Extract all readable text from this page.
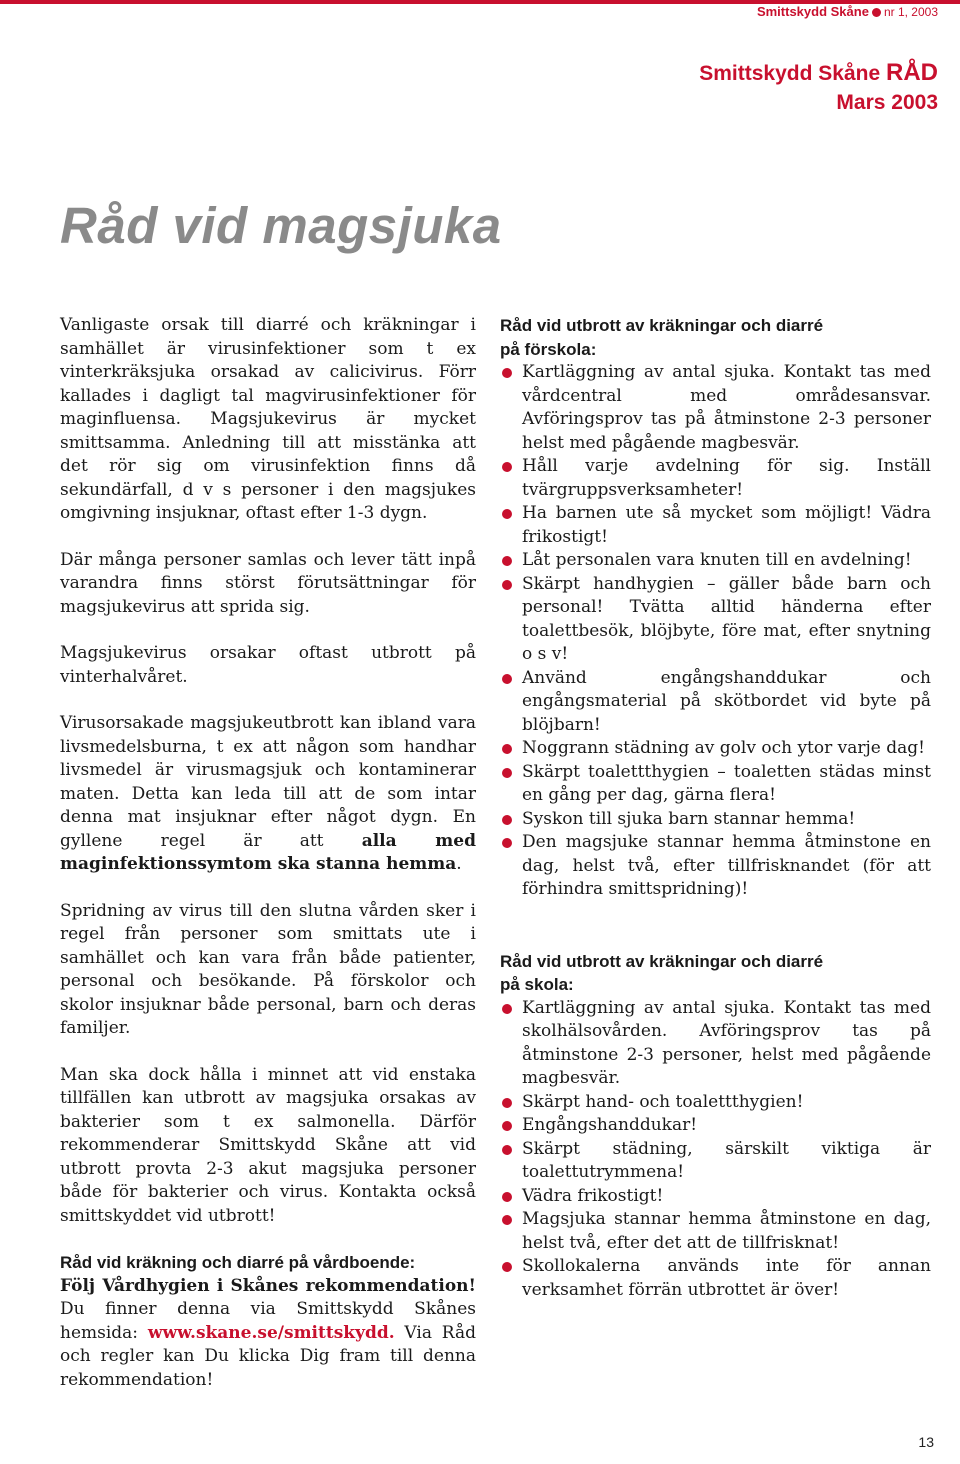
Smittskydd Skåne nr 1, 2003
Smittskydd Skåne RÅD
Mars 2003
Råd vid magsjuka

Vanligaste orsak till diarré och kräkningar i samhället är virusinfektioner som t ex vinterkräksjuka orsakad av calicivirus. Förr kallades i dagligt tal magvirusinfektioner för maginfluensa. Magsjukevirus är mycket smittsamma. Anledning till att misstänka att det rör sig om virusinfektion finns då sekundärfall, d v s personer i den magsjukes omgivning insjuknar, oftast efter 1-3 dygn.

Där många personer samlas och lever tätt inpå varandra finns störst förutsättningar för magsjukevirus att sprida sig.

Magsjukevirus orsakar oftast utbrott på vinterhalvåret.

Virusorsakade magsjukeutbrott kan ibland vara livsmedelsburna, t ex att någon som handhar livsmedel är virusmagsjuk och kontaminerar maten. Detta kan leda till att de som intar denna mat insjuknar efter något dygn. En gyllene regel är att alla med maginfektionssymtom ska stanna hemma.

Spridning av virus till den slutna vården sker i regel från personer som smittats ute i samhället och kan vara från både patienter, personal och besökande. På förskolor och skolor insjuknar både personal, barn och deras familjer.

Man ska dock hålla i minnet att vid enstaka tillfällen kan utbrott av magsjuka orsakas av bakterier som t ex salmonella. Därför rekommenderar Smittskydd Skåne att vid utbrott provta 2-3 akut magsjuka personer både för bakterier och virus. Kontakta också smittskyddet vid utbrott!

Råd vid kräkning och diarré på vårdboende:

Följ Vårdhygien i Skånes rekommendation! Du finner denna via Smittskydd Skånes hemsida: www.skane.se/smittskydd. Via Råd och regler kan Du klicka Dig fram till denna rekommendation!

Råd vid utbrott av kräkningar och diarré
på förskola:
Kartläggning av antal sjuka. Kontakt tas med vårdcentral med områdesansvar. Avföringsprov tas på åtminstone 2-3 personer helst med pågående magbesvär.
Håll varje avdelning för sig. Inställ tvärgruppsverksamheter!
Ha barnen ute så mycket som möjligt! Vädra frikostigt!
Låt personalen vara knuten till en avdelning!
Skärpt handhygien – gäller både barn och personal! Tvätta alltid händerna efter toalettbesök, blöjbyte, före mat, efter snytning o s v!
Använd engångshanddukar och engångsmaterial på skötbordet vid byte på blöjbarn!
Noggrann städning av golv och ytor varje dag!
Skärpt toalettthygien – toaletten städas minst en gång per dag, gärna flera!
Syskon till sjuka barn stannar hemma!
Den magsjuke stannar hemma åtminstone en dag, helst två, efter tillfrisknandet (för att förhindra smittspridning)!
Råd vid utbrott av kräkningar och diarré
på skola:
Kartläggning av antal sjuka. Kontakt tas med skolhälsovården. Avföringsprov tas på åtminstone 2-3 personer, helst med pågående magbesvär.
Skärpt hand- och toalettthygien!
Engångshanddukar!
Skärpt städning, särskilt viktiga är toalettutrymmena!
Vädra frikostigt!
Magsjuka stannar hemma åtminstone en dag, helst två, efter det att de tillfrisknat!
Skollokalerna används inte för annan verksamhet förrän utbrottet är över!
13
